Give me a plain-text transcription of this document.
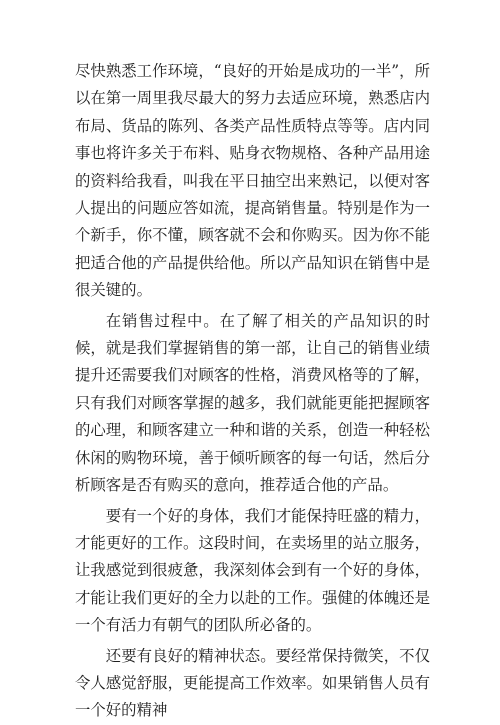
尽快熟悉工作环境，“良好的开始是成功的一半”，所以在第一周里我尽最大的努力去适应环境，熟悉店内布局、货品的陈列、各类产品性质特点等等。店内同事也将许多关于布料、贴身衣物规格、各种产品用途的资料给我看，叫我在平日抽空出来熟记，以便对客人提出的问题应答如流，提高销售量。特别是作为一个新手，你不懂，顾客就不会和你购买。因为你不能把适合他的产品提供给他。所以产品知识在销售中是很关键的。

在销售过程中。在了解了相关的产品知识的时候，就是我们掌握销售的第一部，让自己的销售业绩提升还需要我们对顾客的性格，消费风格等的了解，只有我们对顾客掌握的越多，我们就能更能把握顾客的心理，和顾客建立一种和谐的关系，创造一种轻松休闲的购物环境，善于倾听顾客的每一句话，然后分析顾客是否有购买的意向，推荐适合他的产品。

要有一个好的身体，我们才能保持旺盛的精力，才能更好的工作。这段时间，在卖场里的站立服务，让我感觉到很疲惫，我深刻体会到有一个好的身体，才能让我们更好的全力以赴的工作。强健的体魄还是一个有活力有朝气的团队所必备的。

还要有良好的精神状态。要经常保持微笑，不仅令人感觉舒服，更能提高工作效率。如果销售人员有一个好的精神
